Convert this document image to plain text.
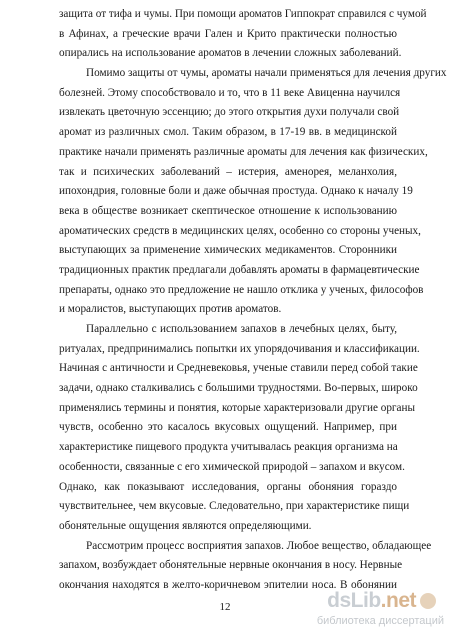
защита от тифа и чумы. При помощи ароматов Гиппократ справился с чумой
в Афинах, а греческие врачи Гален и Крито практически полностью
опирались на использование ароматов в лечении сложных заболеваний.
Помимо защиты от чумы, ароматы начали применяться для лечения других
болезней. Этому способствовало и то, что в 11 веке Авиценна научился
извлекать цветочную эссенцию; до этого открытия духи получали свой
аромат из различных смол. Таким образом, в 17-19 вв. в медицинской
практике начали применять различные ароматы для лечения как физических,
так и психических заболеваний – истерия, аменорея, меланхолия,
ипохондрия, головные боли и даже обычная простуда. Однако к началу 19
века в обществе возникает скептическое отношение к использованию
ароматических средств в медицинских целях, особенно со стороны ученых,
выступающих за применение химических медикаментов. Сторонники
традиционных практик предлагали добавлять ароматы в фармацевтические
препараты, однако это предложение не нашло отклика у ученых, философов
и моралистов, выступающих против ароматов.
Параллельно с использованием запахов в лечебных целях, быту,
ритуалах, предпринимались попытки их упорядочивания и классификации.
Начиная с античности и Средневековья, ученые ставили перед собой такие
задачи, однако сталкивались с большими трудностями. Во-первых, широко
применялись термины и понятия, которые характеризовали другие органы
чувств, особенно это касалось вкусовых ощущений. Например, при
характеристике пищевого продукта учитывалась реакция организма на
особенности, связанные с его химической природой – запахом и вкусом.
Однако, как показывают исследования, органы обоняния гораздо
чувствительнее, чем вкусовые. Следовательно, при характеристике пищи
обонятельные ощущения являются определяющими.
Рассмотрим процесс восприятия запахов. Любое вещество, обладающее
запахом, возбуждает обонятельные нервные окончания в носу. Нервные
окончания находятся в желто-коричневом эпителии носа. В обонянии
12	dsLib.net
библиотека диссертаций
